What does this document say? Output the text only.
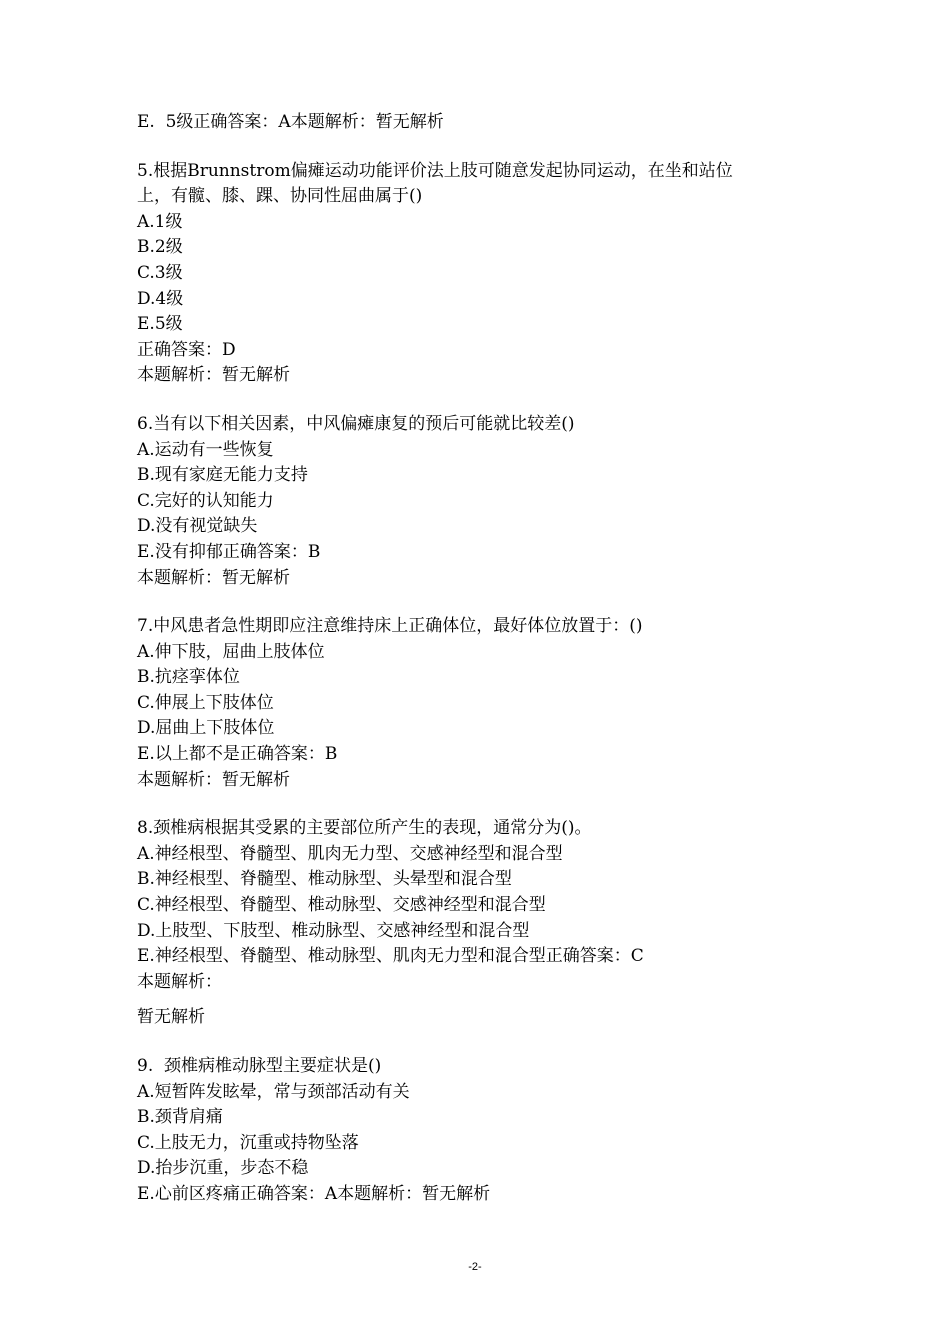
E.  5级正确答案：A本题解析：暂无解析
5.根据Brunnstrom偏瘫运动功能评价法上肢可随意发起协同运动，在坐和站位
上，有髋、膝、踝、协同性屈曲属于()
A.1级
B.2级
C.3级
D.4级
E.5级
正确答案：D
本题解析：暂无解析
6.当有以下相关因素，中风偏瘫康复的预后可能就比较差()
A.运动有一些恢复
B.现有家庭无能力支持
C.完好的认知能力
D.没有视觉缺失
E.没有抑郁正确答案：B
本题解析：暂无解析
7.中风患者急性期即应注意维持床上正确体位，最好体位放置于：()
A.伸下肢，屈曲上肢体位
B.抗痉挛体位
C.伸展上下肢体位
D.屈曲上下肢体位
E.以上都不是正确答案：B
本题解析：暂无解析
8.颈椎病根据其受累的主要部位所产生的表现，通常分为()。
A.神经根型、脊髓型、肌肉无力型、交感神经型和混合型
B.神经根型、脊髓型、椎动脉型、头晕型和混合型
C.神经根型、脊髓型、椎动脉型、交感神经型和混合型
D.上肢型、下肢型、椎动脉型、交感神经型和混合型
E.神经根型、脊髓型、椎动脉型、肌肉无力型和混合型正确答案：C
本题解析：
暂无解析
9.  颈椎病椎动脉型主要症状是()
A.短暂阵发眩晕，常与颈部活动有关
B.颈背肩痛
C.上肢无力，沉重或持物坠落
D.抬步沉重，步态不稳
E.心前区疼痛正确答案：A本题解析：暂无解析
-2-
